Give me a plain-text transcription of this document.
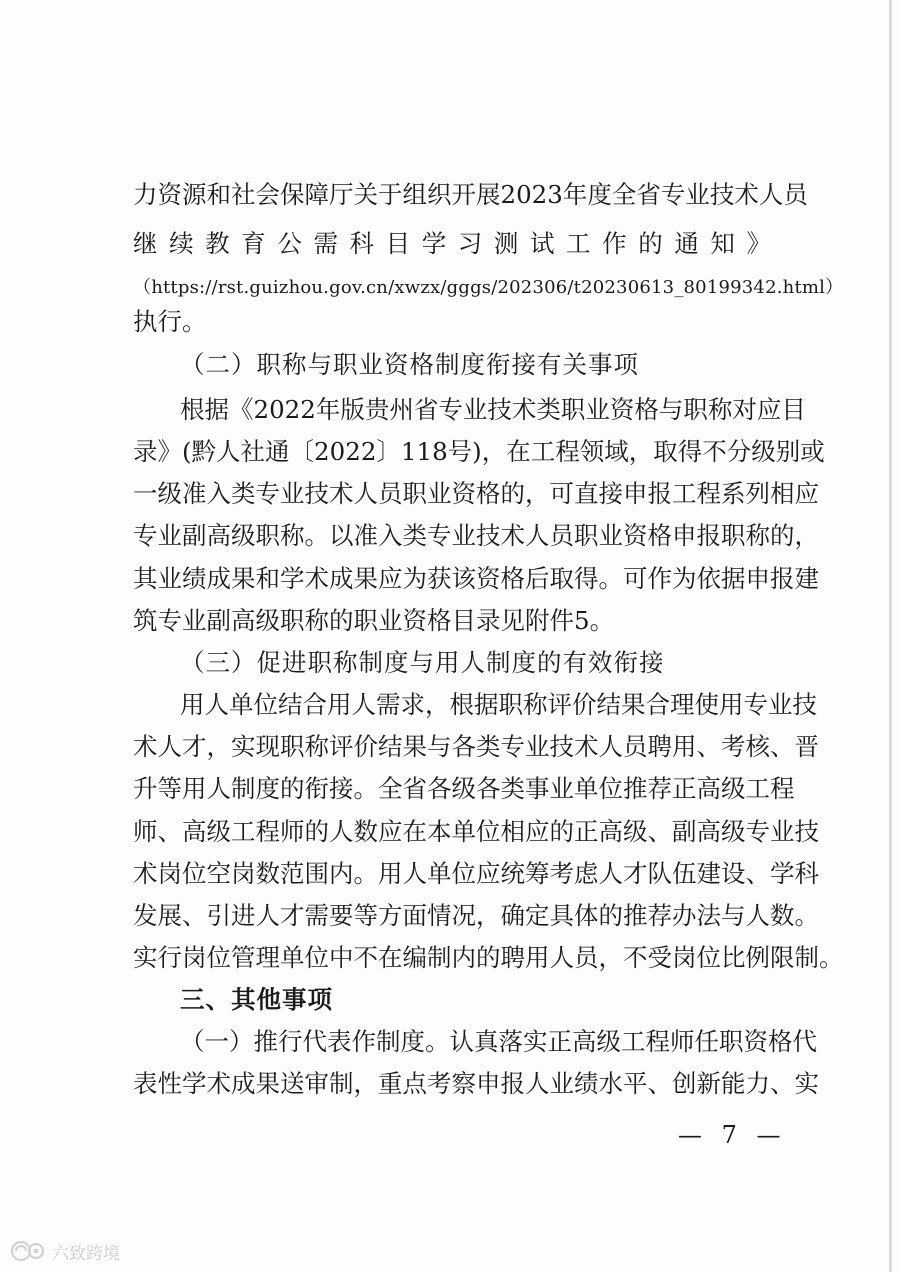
力资源和社会保障厅关于组织开展2023年度全省专业技术人员
继续教育公需科目学习测试工作的通知》
（https://rst.guizhou.gov.cn/xwzx/gggs/202306/t20230613_80199342.html）
执行。
（二）职称与职业资格制度衔接有关事项
根据《2022年版贵州省专业技术类职业资格与职称对应目
录》(黔人社通〔2022〕118号)，在工程领域，取得不分级别或
一级准入类专业技术人员职业资格的，可直接申报工程系列相应
专业副高级职称。以准入类专业技术人员职业资格申报职称的，
其业绩成果和学术成果应为获该资格后取得。可作为依据申报建
筑专业副高级职称的职业资格目录见附件5。
（三）促进职称制度与用人制度的有效衔接
用人单位结合用人需求，根据职称评价结果合理使用专业技
术人才，实现职称评价结果与各类专业技术人员聘用、考核、晋
升等用人制度的衔接。全省各级各类事业单位推荐正高级工程
师、高级工程师的人数应在本单位相应的正高级、副高级专业技
术岗位空岗数范围内。用人单位应统筹考虑人才队伍建设、学科
发展、引进人才需要等方面情况，确定具体的推荐办法与人数。
实行岗位管理单位中不在编制内的聘用人员，不受岗位比例限制。
三、其他事项
（一）推行代表作制度。认真落实正高级工程师任职资格代
表性学术成果送审制，重点考察申报人业绩水平、创新能力、实
— 7 —
六致跨境
